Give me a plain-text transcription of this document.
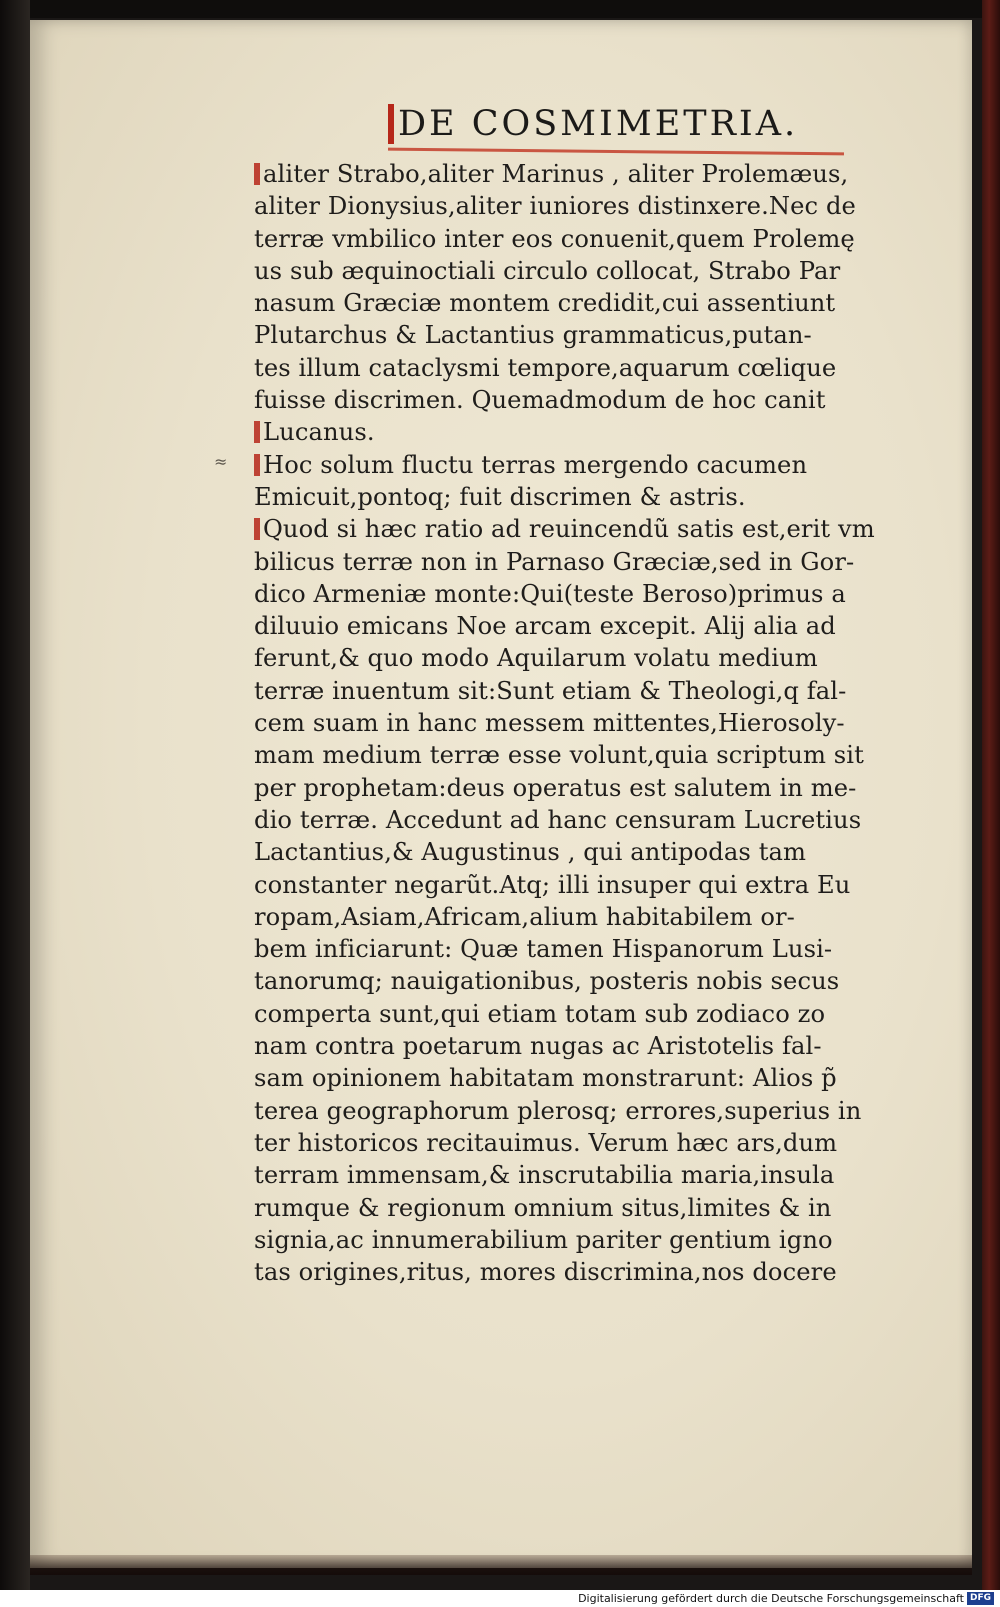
DE COSMIMETRIA.
≈
aliter Strabo,aliter Marinus , aliter Prolemæus,
aliter Dionysius,aliter iuniores distinxere.Nec de
terræ vmbilico inter eos conuenit,quem Prolemę
us sub æquinoctiali circulo collocat, Strabo Par
nasum Græciæ montem credidit,cui assentiunt
Plutarchus & Lactantius grammaticus,putan-
tes illum cataclysmi tempore,aquarum cœlique
fuisse discrimen. Quemadmodum de hoc canit
Lucanus.
Hoc solum fluctu terras mergendo cacumen
Emicuit,pontoq; fuit discrimen & astris.
Quod si hæc ratio ad reuincendũ satis est,erit vm
bilicus terræ non in Parnaso Græciæ,sed in Gor-
dico Armeniæ monte:Qui(teste Beroso)primus a
diluuio emicans Noe arcam excepit. Alij alia ad
ferunt,& quo modo Aquilarum volatu medium
terræ inuentum sit:Sunt etiam & Theologi,q fal-
cem suam in hanc messem mittentes,Hierosoly-
mam medium terræ esse volunt,quia scriptum sit
per prophetam:deus operatus est salutem in me-
dio terræ. Accedunt ad hanc censuram Lucretius
Lactantius,& Augustinus , qui antipodas tam
constanter negarũt.Atq; illi insuper qui extra Eu
ropam,Asiam,Africam,alium habitabilem or-
bem inficiarunt: Quæ tamen Hispanorum Lusi-
tanorumq; nauigationibus, posteris nobis secus
comperta sunt,qui etiam totam sub zodiaco zo
nam contra poetarum nugas ac Aristotelis fal-
sam opinionem habitatam monstrarunt: Alios p̃
terea geographorum plerosq; errores,superius in
ter historicos recitauimus. Verum hæc ars,dum
terram immensam,& inscrutabilia maria,insula
rumque & regionum omnium situs,limites & in
signia,ac innumerabilium pariter gentium igno
tas origines,ritus, mores discrimina,nos docere
Digitalisierung gefördert durch die Deutsche Forschungsgemeinschaft DFG
